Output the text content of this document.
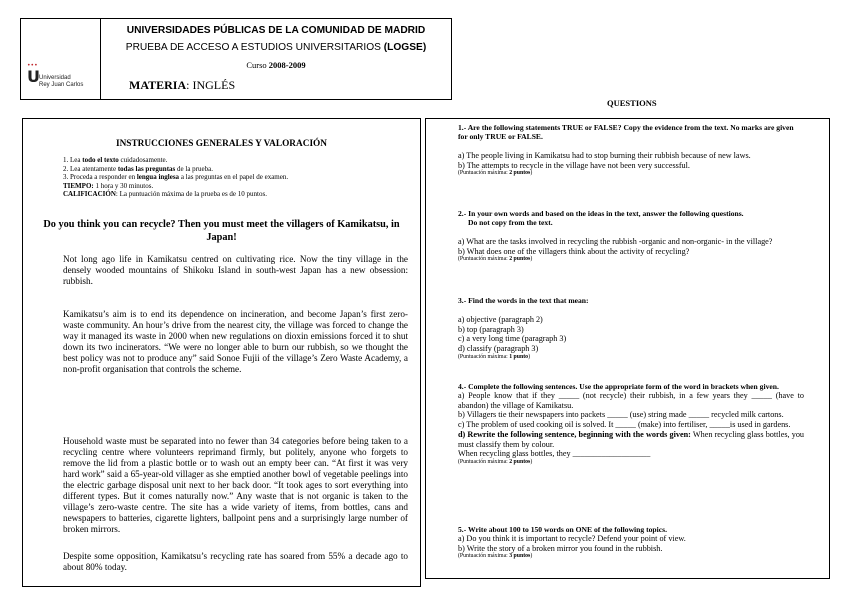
•••
U Universidad
Rey Juan Carlos
UNIVERSIDADES PÚBLICAS DE LA COMUNIDAD DE MADRID
PRUEBA DE ACCESO A ESTUDIOS UNIVERSITARIOS (LOGSE)
Curso 2008-2009
MATERIA: INGLÉS
QUESTIONS
INSTRUCCIONES GENERALES Y VALORACIÓN
1. Lea todo el texto cuidadosamente.
2. Lea atentamente todas las preguntas de la prueba.
3. Proceda a responder en lengua inglesa a las preguntas en el papel de examen.
TIEMPO: 1 hora y 30 minutos.
CALIFICACIÓN: La puntuación máxima de la prueba es de 10 puntos.
Do you think you can recycle? Then you must meet the villagers of Kamikatsu, in Japan!
Not long ago life in Kamikatsu centred on cultivating rice. Now the tiny village in the densely wooded mountains of Shikoku Island in south-west Japan has a new obsession: rubbish.
Kamikatsu’s aim is to end its dependence on incineration, and become Japan’s first zero-waste community. An hour’s drive from the nearest city, the village was forced to change the way it managed its waste in 2000 when new regulations on dioxin emissions forced it to shut down its two incinerators. “We were no longer able to burn our rubbish, so we thought the best policy was not to produce any” said Sonoe Fujii of the village’s Zero Waste Academy, a non-profit organisation that controls the scheme.
Household waste must be separated into no fewer than 34 categories before being taken to a recycling centre where volunteers reprimand firmly, but politely, anyone who forgets to remove the lid from a plastic bottle or to wash out an empty beer can. “At first it was very hard work” said a 65-year-old villager as she emptied another bowl of vegetable peelings into the electric garbage disposal unit next to her back door. “It took ages to sort everything into different types. But it comes naturally now.” Any waste that is not organic is taken to the village’s zero-waste centre. The site has a wide variety of items, from bottles, cans and newspapers to batteries, cigarette lighters, ballpoint pens and a surprisingly large number of broken mirrors.
Despite some opposition, Kamikatsu’s recycling rate has soared from 55% a decade ago to about 80% today.
1.- Are the following statements TRUE or FALSE? Copy the evidence from the text. No marks are given for only TRUE or FALSE.
a) The people living in Kamikatsu had to stop burning their rubbish because of new laws.
b) The attempts to recycle in the village have not been very successful.
(Puntuación máxima: 2 puntos)
2.- In your own words and based on the ideas in the text, answer the following questions.
Do not copy from the text.
a) What are the tasks involved in recycling the rubbish -organic and non-organic- in the village?
b) What does one of the villagers think about the activity of recycling?
(Puntuación máxima: 2 puntos)
3.- Find the words in the text that mean:
a) objective (paragraph 2)
b) top (paragraph 3)
c) a very long time (paragraph 3)
d) classify (paragraph 3)
(Puntuación máxima: 1 punto)
4.- Complete the following sentences. Use the appropriate form of the word in brackets when given.
a) People know that if they _____ (not recycle) their rubbish, in a few years they _____ (have to abandon) the village of Kamikatsu.
b) Villagers tie their newspapers into packets _____ (use) string made _____ recycled milk cartons.
c) The problem of used cooking oil is solved. It _____ (make) into fertiliser, _____is used in gardens.
d) Rewrite the following sentence, beginning with the words given: When recycling glass bottles, you must classify them by colour.
When recycling glass bottles, they ___________________
(Puntuación máxima: 2 puntos)
5.- Write about 100 to 150 words on ONE of the following topics.
a) Do you think it is important to recycle? Defend your point of view.
b) Write the story of a broken mirror you found in the rubbish.
(Puntuación máxima: 3 puntos)
